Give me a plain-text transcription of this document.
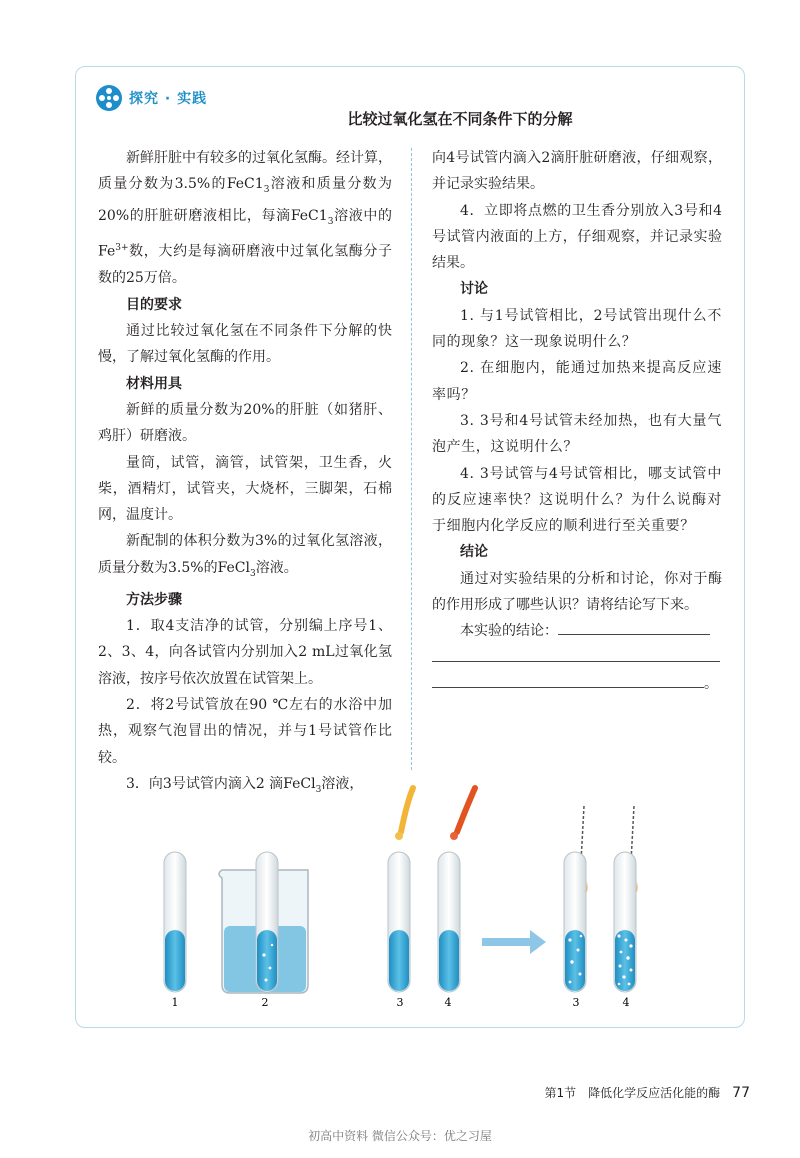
探究 · 实践
比较过氧化氢在不同条件下的分解

新鲜肝脏中有较多的过氧化氢酶。经计算，质量分数为3.5%的$FeC1_3$溶液和质量分数为20%的肝脏研磨液相比，每滴$FeC1_3$溶液中的$Fe^{3+}$数，大约是每滴研磨液中过氧化氢酶分子数的25万倍。

目的要求

通过比较过氧化氢在不同条件下分解的快慢，了解过氧化氢酶的作用。

材料用具

新鲜的质量分数为20%的肝脏（如猪肝、鸡肝）研磨液。

量筒，试管，滴管，试管架，卫生香，火柴，酒精灯，试管夹，大烧杯，三脚架，石棉网，温度计。

新配制的体积分数为3%的过氧化氢溶液，质量分数为3.5%的FeCl$_3$溶液。

方法步骤

1．取4支洁净的试管，分别编上序号1、2、3、4，向各试管内分别加入2 mL过氧化氢溶液，按序号依次放置在试管架上。

2．将2号试管放在90 ℃左右的水浴中加热，观察气泡冒出的情况，并与1号试管作比较。

3．向3号试管内滴入2 滴FeCl$_3$溶液，

向4号试管内滴入2滴肝脏研磨液，仔细观察，并记录实验结果。

4．立即将点燃的卫生香分别放入3号和4号试管内液面的上方，仔细观察，并记录实验结果。

讨论

1. 与1号试管相比，2号试管出现什么不同的现象？这一现象说明什么？

2. 在细胞内，能通过加热来提高反应速率吗？

3. 3号和4号试管未经加热，也有大量气泡产生，这说明什么？

4. 3号试管与4号试管相比，哪支试管中的反应速率快？这说明什么？为什么说酶对于细胞内化学反应的顺利进行至关重要？

结论

通过对实验结果的分析和讨论，你对于酶的作用形成了哪些认识？请将结论写下来。

本实验的结论：

。

1	2	3	4	3	4
第1节　降低化学反应活化能的酶 77
初高中资料 微信公众号：优之习屋
